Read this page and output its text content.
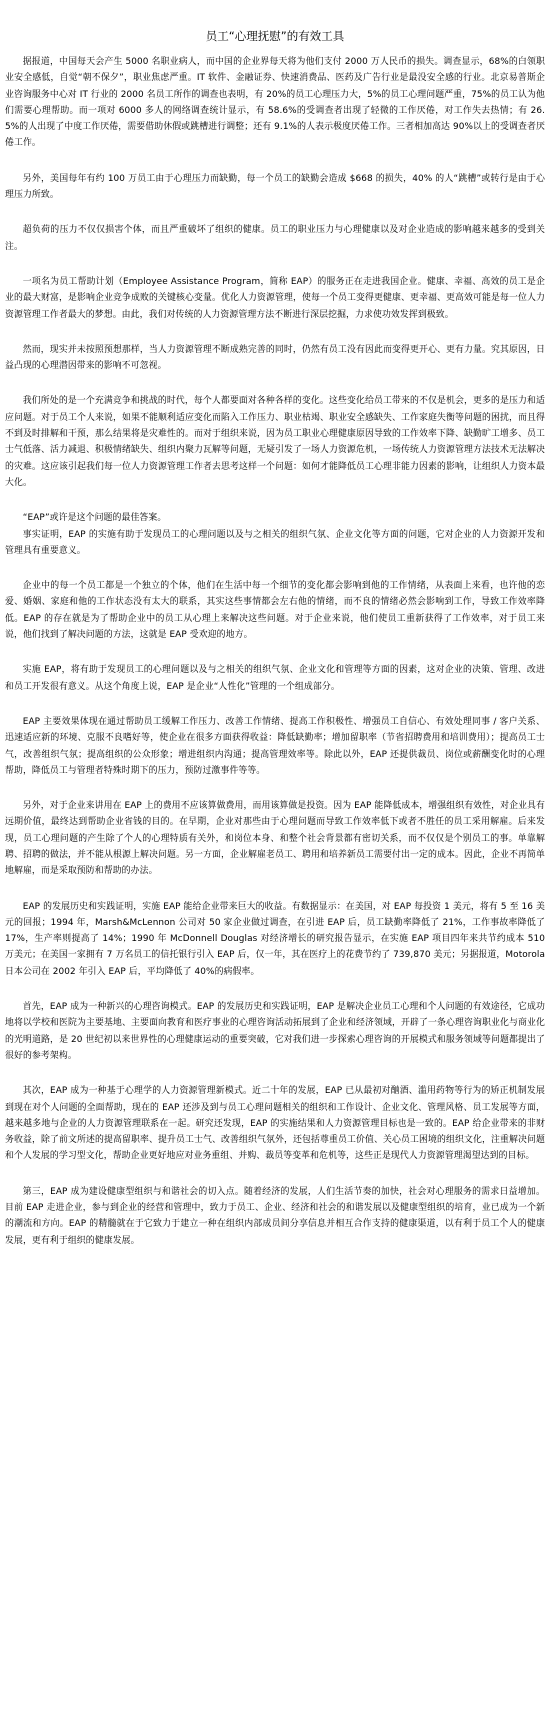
员工“心理抚慰”的有效工具

据报道，中国每天会产生 5000 名职业病人，而中国的企业界每天将为他们支付 2000 万人民币的损失。调查显示，68%的白领职业安全感低，自觉“朝不保夕”，职业焦虑严重。IT 软件、金融证券、快速消费品、医药及广告行业是最没安全感的行业。北京易普斯企业咨询服务中心对 IT 行业的 2000 名员工所作的调查也表明，有 20%的员工心理压力大，5%的员工心理问题严重，75%的员工认为他们需要心理帮助。而一项对 6000 多人的网络调查统计显示，有 58.6%的受调查者出现了轻微的工作厌倦，对工作失去热情；有 26.5%的人出现了中度工作厌倦，需要借助休假或跳槽进行调整；还有 9.1%的人表示极度厌倦工作。三者相加高达 90%以上的受调查者厌倦工作。

另外，美国每年有约 100 万员工由于心理压力而缺勤，每一个员工的缺勤会造成 $668 的损失，40% 的人“跳槽”或转行是由于心理压力所致。

超负荷的压力不仅仅损害个体，而且严重破坏了组织的健康。员工的职业压力与心理健康以及对企业造成的影响越来越多的受到关注。

一项名为员工帮助计划（Employee Assistance Program，简称 EAP）的服务正在走进我国企业。健康、幸福、高效的员工是企业的最大财富，是影响企业竞争成败的关键核心变量。优化人力资源管理，使每一个员工变得更健康、更幸福、更高效可能是每一位人力资源管理工作者最大的梦想。由此，我们对传统的人力资源管理方法不断进行深层挖掘，力求使功效发挥到极致。

然而，现实并未按照预想那样，当人力资源管理不断成熟完善的同时，仍然有员工没有因此而变得更开心、更有力量。究其原因，日益凸现的心理潜因带来的影响不可忽视。

我们所处的是一个充满竞争和挑战的时代，每个人都要面对各种各样的变化。这些变化给员工带来的不仅是机会，更多的是压力和适应问题。对于员工个人来说，如果不能顺利适应变化而陷入工作压力、职业枯竭、职业安全感缺失、工作家庭失衡等问题的困扰，而且得不到及时排解和干预，那么结果将是灾难性的。而对于组织来说，因为员工职业心理健康原因导致的工作效率下降、缺勤旷工增多、员工士气低落、活力减退、积极情绪缺失、组织内聚力瓦解等问题，无疑引发了一场人力资源危机，一场传统人力资源管理方法技术无法解决的灾难。这应该引起我们每一位人力资源管理工作者去思考这样一个问题：如何才能降低员工心理非能力因素的影响，让组织人力资本最大化。

“EAP”或许是这个问题的最佳答案。

事实证明，EAP 的实施有助于发现员工的心理问题以及与之相关的组织气氛、企业文化等方面的问题，它对企业的人力资源开发和管理具有重要意义。

企业中的每一个员工都是一个独立的个体，他们在生活中每一个细节的变化都会影响到他的工作情绪，从表面上来看，也许他的恋爱、婚姻、家庭和他的工作状态没有太大的联系，其实这些事情都会左右他的情绪，而不良的情绪必然会影响到工作，导致工作效率降低。EAP 的存在就是为了帮助企业中的员工从心理上来解决这些问题。对于企业来说，他们使员工重新获得了工作效率，对于员工来说，他们找到了解决问题的方法，这就是 EAP 受欢迎的地方。

实施 EAP，将有助于发现员工的心理问题以及与之相关的组织气氛、企业文化和管理等方面的因素，这对企业的决策、管理、改进和员工开发很有意义。从这个角度上说，EAP 是企业“人性化”管理的一个组成部分。

EAP 主要效果体现在通过帮助员工缓解工作压力、改善工作情绪、提高工作积极性、增强员工自信心、有效处理同事 / 客户关系、迅速适应新的环境、克服不良嗜好等，使企业在很多方面获得收益：降低缺勤率；增加留职率（节省招聘费用和培训费用）；提高员工士气，改善组织气氛；提高组织的公众形象；增进组织内沟通；提高管理效率等。除此以外，EAP 还提供裁员、岗位或薪酬变化时的心理帮助，降低员工与管理者特殊时期下的压力，预防过激事件等等。

另外，对于企业来讲用在 EAP 上的费用不应该算做费用，而用该算做是投资。因为 EAP 能降低成本，增强组织有效性，对企业具有远期价值，最终达到帮助企业省钱的目的。在早期，企业对那些由于心理问题而导致工作效率低下或者不胜任的员工采用解雇。后来发现，员工心理问题的产生除了个人的心理特质有关外，和岗位本身、和整个社会背景都有密切关系，而不仅仅是个别员工的事。单靠解聘、招聘的做法，并不能从根源上解决问题。另一方面，企业解雇老员工、聘用和培养新员工需要付出一定的成本。因此，企业不再简单地解雇，而是采取预防和帮助的办法。

EAP 的发展历史和实践证明，实施 EAP 能给企业带来巨大的收益。有数据显示：在美国，对 EAP 每投资 1 美元，将有 5 至 16 美元的回报；1994 年，Marsh&McLennon 公司对 50 家企业做过调查，在引进 EAP 后，员工缺勤率降低了 21%，工作事故率降低了 17%，生产率则提高了 14%；1990 年 McDonnell Douglas 对经济增长的研究报告显示，在实施 EAP 项目四年来共节约成本 510 万美元；在美国一家拥有 7 万名员工的信托银行引入 EAP 后，仅一年，其在医疗上的花费节约了 739,870 美元；另据报道，Motorola 日本公司在 2002 年引入 EAP 后，平均降低了 40%的病假率。

首先，EAP 成为一种新兴的心理咨询模式。EAP 的发展历史和实践证明，EAP 是解决企业员工心理和个人问题的有效途径，它成功地将以学校和医院为主要基地、主要面向教育和医疗事业的心理咨询活动拓展到了企业和经济领域，开辟了一条心理咨询职业化与商业化的光明道路，是 20 世纪初以来世界性的心理健康运动的重要突破，它对我们进一步探索心理咨询的开展模式和服务领域等问题都提出了很好的参考架构。

其次，EAP 成为一种基于心理学的人力资源管理新模式。近二十年的发展，EAP 已从最初对酗酒、滥用药物等行为的矫正机制发展到现在对个人问题的全面帮助，现在的 EAP 还涉及到与员工心理问题相关的组织和工作设计、企业文化、管理风格、员工发展等方面，越来越多地与企业的人力资源管理联系在一起。研究还发现，EAP 的实施结果和人力资源管理目标也是一致的。EAP 给企业带来的非财务收益，除了前文所述的提高留职率、提升员工士气、改善组织气氛外，还包括尊重员工价值、关心员工困境的组织文化，注重解决问题和个人发展的学习型文化，帮助企业更好地应对业务重组、并购、裁员等变革和危机等，这些正是现代人力资源管理渴望达到的目标。

第三，EAP 成为建设健康型组织与和谐社会的切入点。随着经济的发展，人们生活节奏的加快，社会对心理服务的需求日益增加。目前 EAP 走进企业，参与到企业的经营和管理中，致力于员工、企业、经济和社会的和谐发展以及健康型组织的培育，业已成为一个新的潮流和方向。EAP 的精髓就在于它致力于建立一种在组织内部成员间分享信息并相互合作支持的健康渠道，以有利于员工个人的健康发展，更有利于组织的健康发展。
